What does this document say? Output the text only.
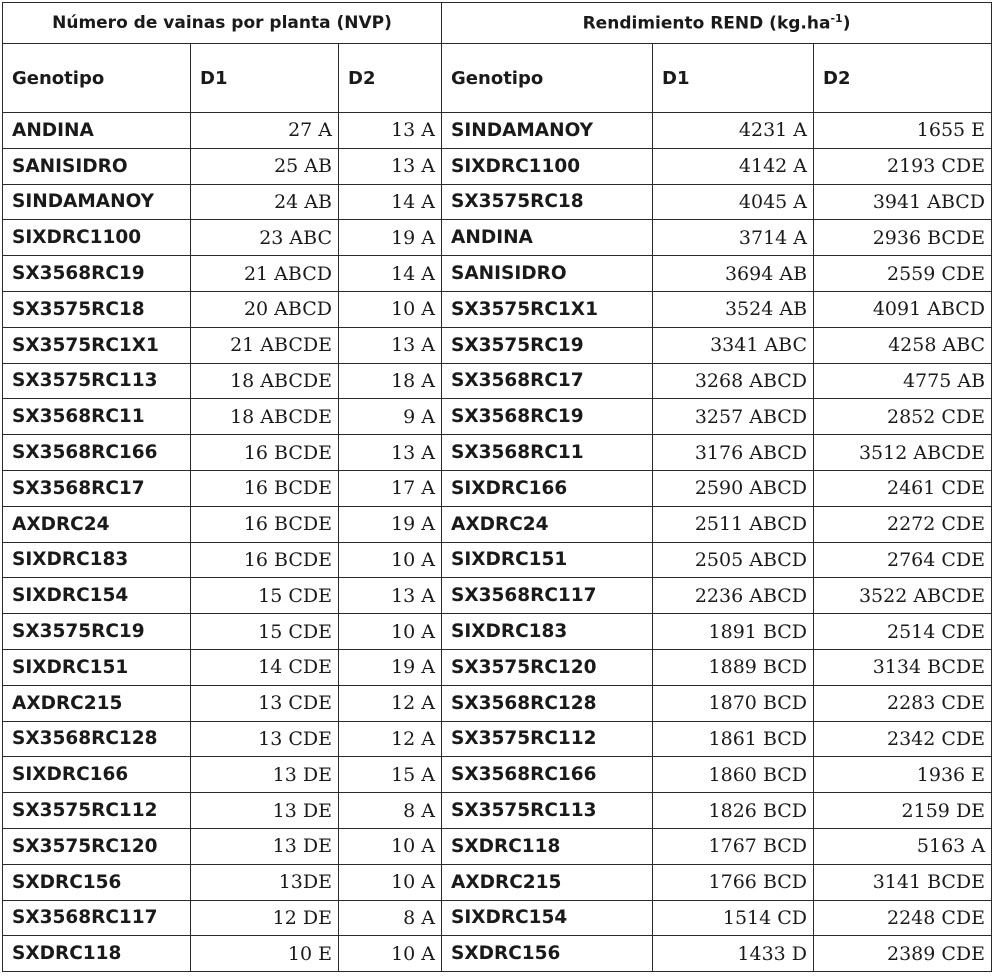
Número de vainas por planta (NVP)			Rendimiento REND $(kg.ha^{-1})$		
Genotipo	D1	D2	Genotipo	D1	D2
ANDINA	27 A	13 A	SINDAMANOY	4231 A	1655 E
SANISIDRO	25 AB	13 A	SIXDRC1100	4142 A	2193 CDE
SINDAMANOY	24 AB	14 A	SX3575RC18	4045 A	3941 ABCD
SIXDRC1100	23 ABC	19 A	ANDINA	3714 A	2936 BCDE
SX3568RC19	21 ABCD	14 A	SANISIDRO	3694 AB	2559 CDE
SX3575RC18	20 ABCD	10 A	SX3575RC1X1	3524 AB	4091 ABCD
SX3575RC1X1	21 ABCDE	13 A	SX3575RC19	3341 ABC	4258 ABC
SX3575RC113	18 ABCDE	18 A	SX3568RC17	3268 ABCD	4775 AB
SX3568RC11	18 ABCDE	9 A	SX3568RC19	3257 ABCD	2852 CDE
SX3568RC166	16 BCDE	13 A	SX3568RC11	3176 ABCD	3512 ABCDE
SX3568RC17	16 BCDE	17 A	SIXDRC166	2590 ABCD	2461 CDE
AXDRC24	16 BCDE	19 A	AXDRC24	2511 ABCD	2272 CDE
SIXDRC183	16 BCDE	10 A	SIXDRC151	2505 ABCD	2764 CDE
SIXDRC154	15 CDE	13 A	SX3568RC117	2236 ABCD	3522 ABCDE
SX3575RC19	15 CDE	10 A	SIXDRC183	1891 BCD	2514 CDE
SIXDRC151	14 CDE	19 A	SX3575RC120	1889 BCD	3134 BCDE
AXDRC215	13 CDE	12 A	SX3568RC128	1870 BCD	2283 CDE
SX3568RC128	13 CDE	12 A	SX3575RC112	1861 BCD	2342 CDE
SIXDRC166	13 DE	15 A	SX3568RC166	1860 BCD	1936 E
SX3575RC112	13 DE	8 A	SX3575RC113	1826 BCD	2159 DE
SX3575RC120	13 DE	10 A	SXDRC118	1767 BCD	5163 A
SXDRC156	13DE	10 A	AXDRC215	1766 BCD	3141 BCDE
SX3568RC117	12 DE	8 A	SIXDRC154	1514 CD	2248 CDE
SXDRC118	10 E	10 A	SXDRC156	1433 D	2389 CDE
